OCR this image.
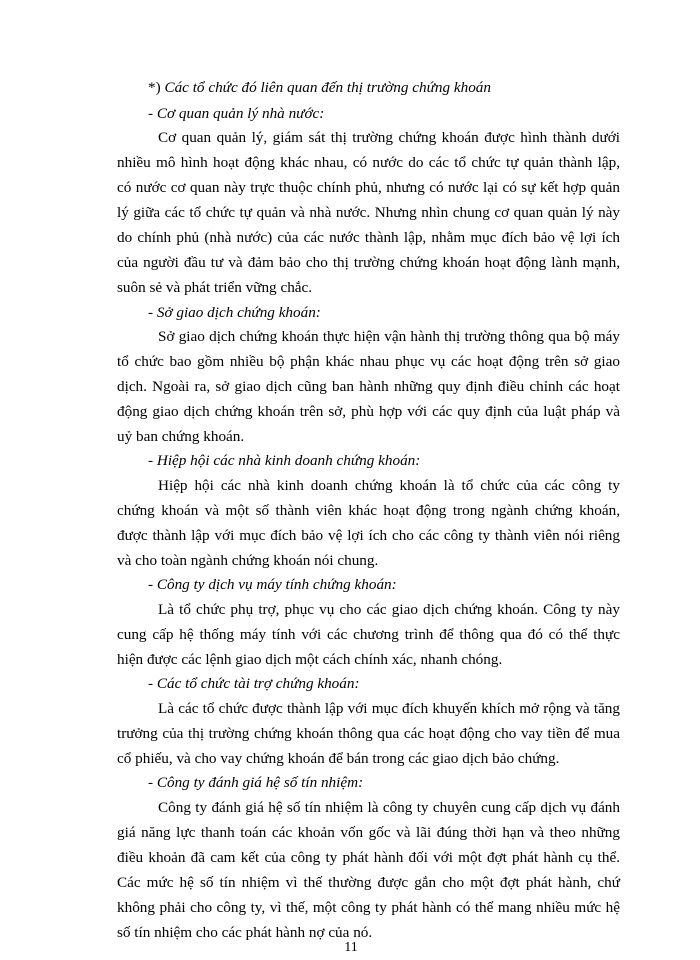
*) Các tổ chức đó liên quan đến thị trường chứng khoán
- Cơ quan quản lý nhà nước:
Cơ quan quản lý, giám sát thị trường chứng khoán được hình thành dưới
nhiều mô hình hoạt động khác nhau, có nước do các tổ chức tự quản thành lập,
có nước cơ quan này trực thuộc chính phủ, nhưng có nước lại có sự kết hợp quản
lý giữa các tổ chức tự quản và nhà nước. Nhưng nhìn chung cơ quan quản lý này
do chính phủ (nhà nước) của các nước thành lập, nhằm mục đích bảo vệ lợi ích
của người đầu tư và đảm bảo cho thị trường chứng khoán hoạt động lành mạnh,
suôn sẻ và phát triển vững chắc.
- Sở giao dịch chứng khoán:
Sở giao dịch chứng khoán thực hiện vận hành thị trường thông qua bộ máy
tổ chức bao gồm nhiều bộ phận khác nhau phục vụ các hoạt động trên sở giao
dịch. Ngoài ra, sở giao dịch cũng ban hành những quy định điều chỉnh các hoạt
động giao dịch chứng khoán trên sở, phù hợp với các quy định của luật pháp và
uỷ ban chứng khoán.
- Hiệp hội các nhà kinh doanh chứng khoán:
Hiệp hội các nhà kinh doanh chứng khoán là tổ chức của các công ty
chứng khoán và một số thành viên khác hoạt động trong ngành chứng khoán,
được thành lập với mục đích bảo vệ lợi ích cho các công ty thành viên nói riêng
và cho toàn ngành chứng khoán nói chung.
- Công ty dịch vụ máy tính chứng khoán:
Là tổ chức phụ trợ, phục vụ cho các giao dịch chứng khoán. Công ty này
cung cấp hệ thống máy tính với các chương trình để thông qua đó có thể thực
hiện được các lệnh giao dịch một cách chính xác, nhanh chóng.
- Các tổ chức tài trợ chứng khoán:
Là các tổ chức được thành lập với mục đích khuyến khích mở rộng và tăng
trưởng của thị trường chứng khoán thông qua các hoạt động cho vay tiền để mua
cổ phiếu, và cho vay chứng khoán để bán trong các giao dịch bảo chứng.
- Công ty đánh giá hệ số tín nhiệm:
Công ty đánh giá hệ số tín nhiệm là công ty chuyên cung cấp dịch vụ đánh
giá năng lực thanh toán các khoản vốn gốc và lãi đúng thời hạn và theo những
điều khoản đã cam kết của công ty phát hành đối với một đợt phát hành cụ thể.
Các mức hệ số tín nhiệm vì thế thường được gắn cho một đợt phát hành, chứ
không phải cho công ty, vì thế, một công ty phát hành có thể mang nhiều mức hệ
số tín nhiệm cho các phát hành nợ của nó.
11
